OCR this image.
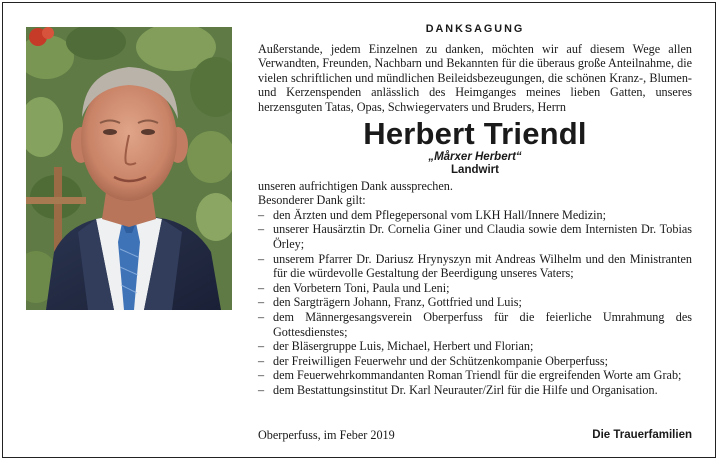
DANKSAGUNG

Außerstande, jedem Einzelnen zu danken, möchten wir auf diesem Wege allen Verwandten, Freunden, Nachbarn und Bekannten für die überaus große Anteilnahme, die vielen schriftlichen und mündlichen Beileidsbezeugungen, die schönen Kranz-, Blumen- und Kerzenspenden anlässlich des Heimganges meines lieben Gatten, unseres herzensguten Tatas, Opas, Schwiegervaters und Bruders, Herrn

Herbert Triendl
„Mårxer Herbert“
Landwirt

unseren aufrichtigen Dank aussprechen.

Besonderer Dank gilt:

– den Ärzten und dem Pflegepersonal vom LKH Hall/Innere Medizin;
– unserer Hausärztin Dr. Cornelia Giner und Claudia sowie dem Internisten Dr. Tobias Örley;
– unserem Pfarrer Dr. Dariusz Hrynyszyn mit Andreas Wilhelm und den Ministranten für die würdevolle Gestaltung der Beerdigung unseres Vaters;
– den Vorbetern Toni, Paula und Leni;
– den Sargträgern Johann, Franz, Gottfried und Luis;
– dem Männergesangsverein Oberperfuss für die feierliche Umrahmung des Gottesdienstes;
– der Bläsergruppe Luis, Michael, Herbert und Florian;
– der Freiwilligen Feuerwehr und der Schützenkompanie Oberperfuss;
– dem Feuerwehrkommandanten Roman Triendl für die ergreifenden Worte am Grab;
– dem Bestattungsinstitut Dr. Karl Neurauter/Zirl für die Hilfe und Organisation.
Oberperfuss, im Feber 2019	Die Trauerfamilien
